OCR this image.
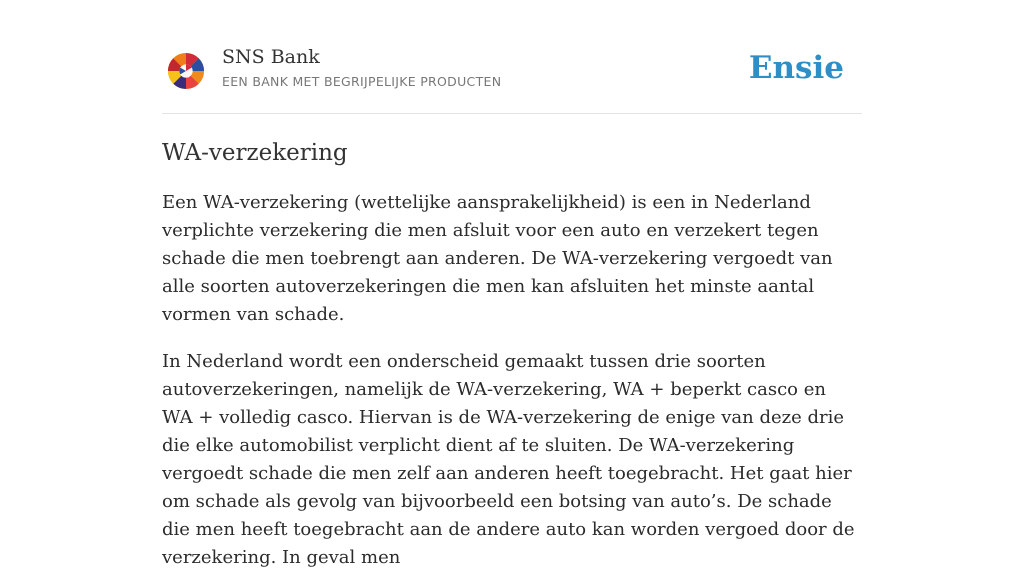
SNS Bank
EEN BANK MET BEGRIJPELIJKE PRODUCTEN	Ensie
WA-verzekering

Een WA-verzekering (wettelijke aansprakelijkheid) is een in Nederland verplichte verzekering die men afsluit voor een auto en verzekert tegen schade die men toebrengt aan anderen. De WA-verzekering vergoedt van alle soorten autoverzekeringen die men kan afsluiten het minste aantal vormen van schade.

In Nederland wordt een onderscheid gemaakt tussen drie soorten autoverzekeringen, namelijk de WA-verzekering, WA + beperkt casco en WA + volledig casco. Hiervan is de WA-verzekering de enige van deze drie die elke automobilist verplicht dient af te sluiten. De WA-verzekering vergoedt schade die men zelf aan anderen heeft toegebracht. Het gaat hier om schade als gevolg van bijvoorbeeld een botsing van auto’s. De schade die men heeft toegebracht aan de andere auto kan worden vergoed door de verzekering. In geval men
